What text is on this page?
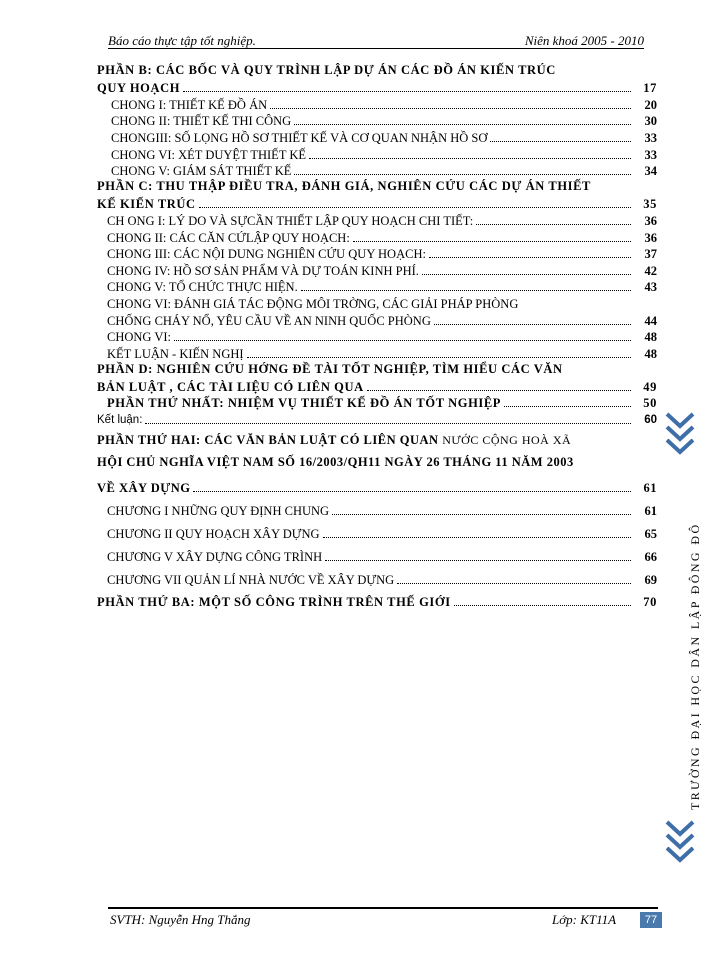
Báo cáo thực tập tốt nghiệp.	Niên khoá 2005 - 2010
PHẦN B: CÁC BỐC VÀ QUY TRÌNH LẬP DỰ ÁN CÁC ĐỒ ÁN KIẾN TRÚC
QUY HOẠCH	17
CHONG I: THIẾT KẾ ĐỒ ÁN	20
CHONG II: THIẾT KẾ THI CÔNG	30
CHONGIII: SỐ LỌNG HỒ SƠ THIẾT KẾ VÀ CƠ QUAN NHẬN HỒ SƠ	33
CHONG VI: XÉT DUYỆT THIẾT KẾ	33
CHONG V: GIÁM SÁT THIẾT KẾ	34
PHẦN C: THU THẬP ĐIỀU TRA, ĐÁNH GIÁ, NGHIÊN CỨU CÁC DỰ ÁN THIẾT
KẾ KIẾN TRÚC	35
CH ONG I: LÝ DO VÀ SỰCẦN THIẾT LẬP QUY HOẠCH CHI TIẾT:	36
CHONG II: CÁC CĂN CỨLẬP QUY HOẠCH:	36
CHONG III: CÁC NỘI DUNG NGHIÊN CỨU QUY HOẠCH:	37
CHONG IV: HỒ SƠ SẢN PHẨM VÀ DỰ TOÁN KINH PHÍ.	42
CHONG V: TỔ CHỨC THỰC HIỆN.	43
CHONG VI: ĐÁNH GIÁ TÁC ĐỘNG MÔI TRỜNG, CÁC GIẢI PHÁP PHÒNG
CHỐNG CHÁY NỔ, YÊU CẦU VỀ AN NINH QUỐC PHÒNG	44
CHONG VI:	48
KẾT LUẬN - KIẾN NGHỊ	48
PHẦN D: NGHIÊN CỨU HỚNG ĐỀ TÀI TỐT NGHIỆP, TÌM HIỂU CÁC VĂN
BẢN LUẬT , CÁC TÀI LIỆU CÓ LIÊN QUA	49
PHẦN THỨ NHẤT: NHIỆM VỤ THIẾT KẾ ĐỒ ÁN TỐT NGHIỆP	50
Kết luận:	60
PHẦN THỨ HAI: CÁC VĂN BẢN LUẬT CÓ LIÊN QUAN
NƯỚC CỘNG HOÀ XÃ
HỘI CHỦ NGHĨA VIỆT NAM SỐ 16/2003/QH11 NGÀY 26 THÁNG 11 NĂM 2003
VỀ XÂY DỰNG	61
CHƯƠNG I NHỮNG QUY ĐỊNH CHUNG	61
CHƯƠNG II QUY HOẠCH XÂY DỰNG	65
CHƯƠNG V XÂY DỰNG CÔNG TRÌNH	66
CHƯƠNG VII QUẢN LÍ NHÀ NƯỚC VỀ XÂY DỰNG	69
PHẦN THỨ BA: MỘT SỐ CÔNG TRÌNH TRÊN THẾ GIỚI	70	TRƯỜNG ĐẠI HỌC DÂN LẬP ĐÔNG ĐÔ
SVTH: Nguyễn Hng Thắng	Lớp: KT11A	77
